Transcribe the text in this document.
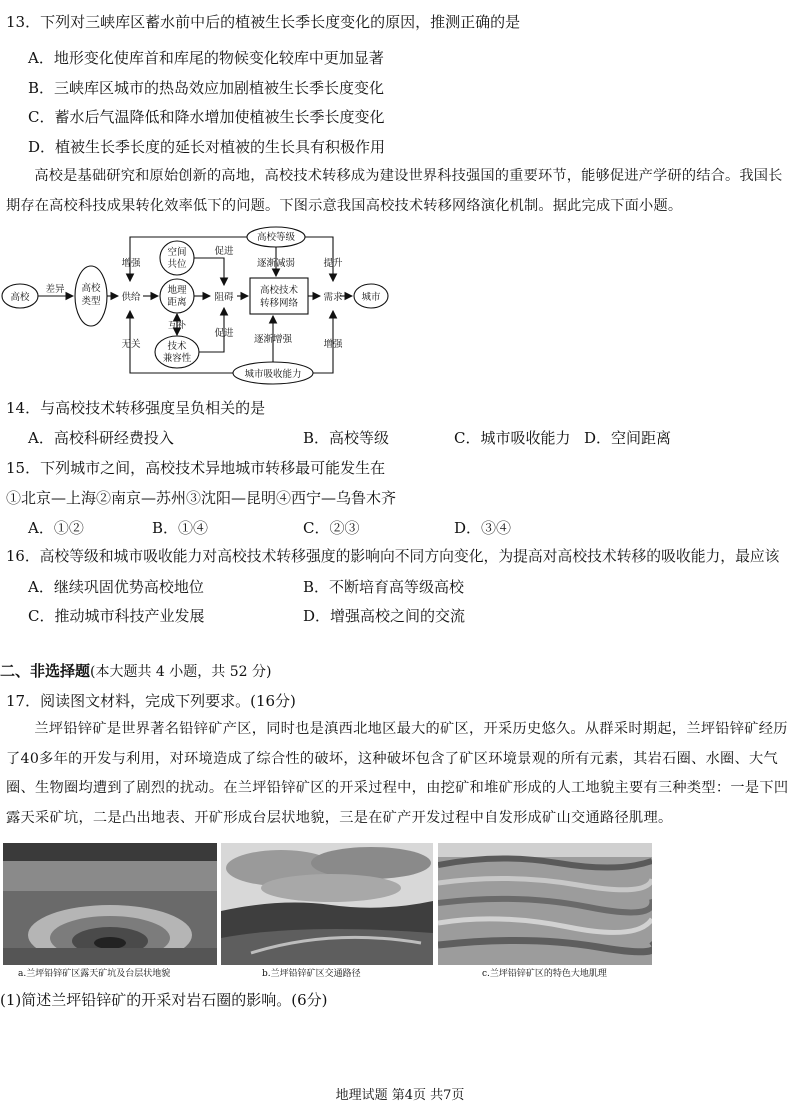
13．下列对三峡库区蓄水前中后的植被生长季长度变化的原因，推测正确的是
A．地形变化使库首和库尾的物候变化较库中更加显著
B．三峡库区城市的热岛效应加剧植被生长季长度变化
C．蓄水后气温降低和降水增加使植被生长季长度变化
D．植被生长季长度的延长对植被的生长具有积极作用
高校是基础研究和原始创新的高地，高校技术转移成为建设世界科技强国的重要环节，能够促进产学研的结合。我国长期存在高校科技成果转化效率低下的问题。下图示意我国高校技术转移网络演化机制。据此完成下面小题。
高校
差异 高校
类型 供给
空间
共位
地理
距离
互补
技术
兼容性
促进
阻碍
促进
高校等级
逐渐减弱
高校技术
转移网络
逐渐增强
需求 城市
增强
无关
提升
增强
城市吸收能力
14．与高校技术转移强度呈负相关的是
A．高校科研经费投入	B．高校等级	C．城市吸收能力 D．空间距离
15．下列城市之间，高校技术异地城市转移最可能发生在
①北京—上海②南京—苏州③沈阳—昆明④西宁—乌鲁木齐
A．①②	B．①④	C．②③	D．③④
16．高校等级和城市吸收能力对高校技术转移强度的影响向不同方向变化，为提高对高校技术转移的吸收能力，最应该
A．继续巩固优势高校地位	B．不断培育高等级高校
C．推动城市科技产业发展	D．增强高校之间的交流
二、非选择题(本大题共 4 小题，共 52 分)
17．阅读图文材料，完成下列要求。(16分)
兰坪铅锌矿是世界著名铅锌矿产区，同时也是滇西北地区最大的矿区，开采历史悠久。从群采时期起，兰坪铅锌矿经历了40多年的开发与利用，对环境造成了综合性的破坏，这种破坏包含了矿区环境景观的所有元素，其岩石圈、水圈、大气圈、生物圈均遭到了剧烈的扰动。在兰坪铅锌矿区的开采过程中，由挖矿和堆矿形成的人工地貌主要有三种类型：一是下凹露天采矿坑，二是凸出地表、开矿形成台层状地貌，三是在矿产开发过程中自发形成矿山交通路径肌理。
a.兰坪铅锌矿区露天矿坑及台层状地貌	b.兰坪铅锌矿区交通路径	c.兰坪铅锌矿区的特色大地肌理
(1)简述兰坪铅锌矿的开采对岩石圈的影响。(6分)
地理试题 第4页 共7页
